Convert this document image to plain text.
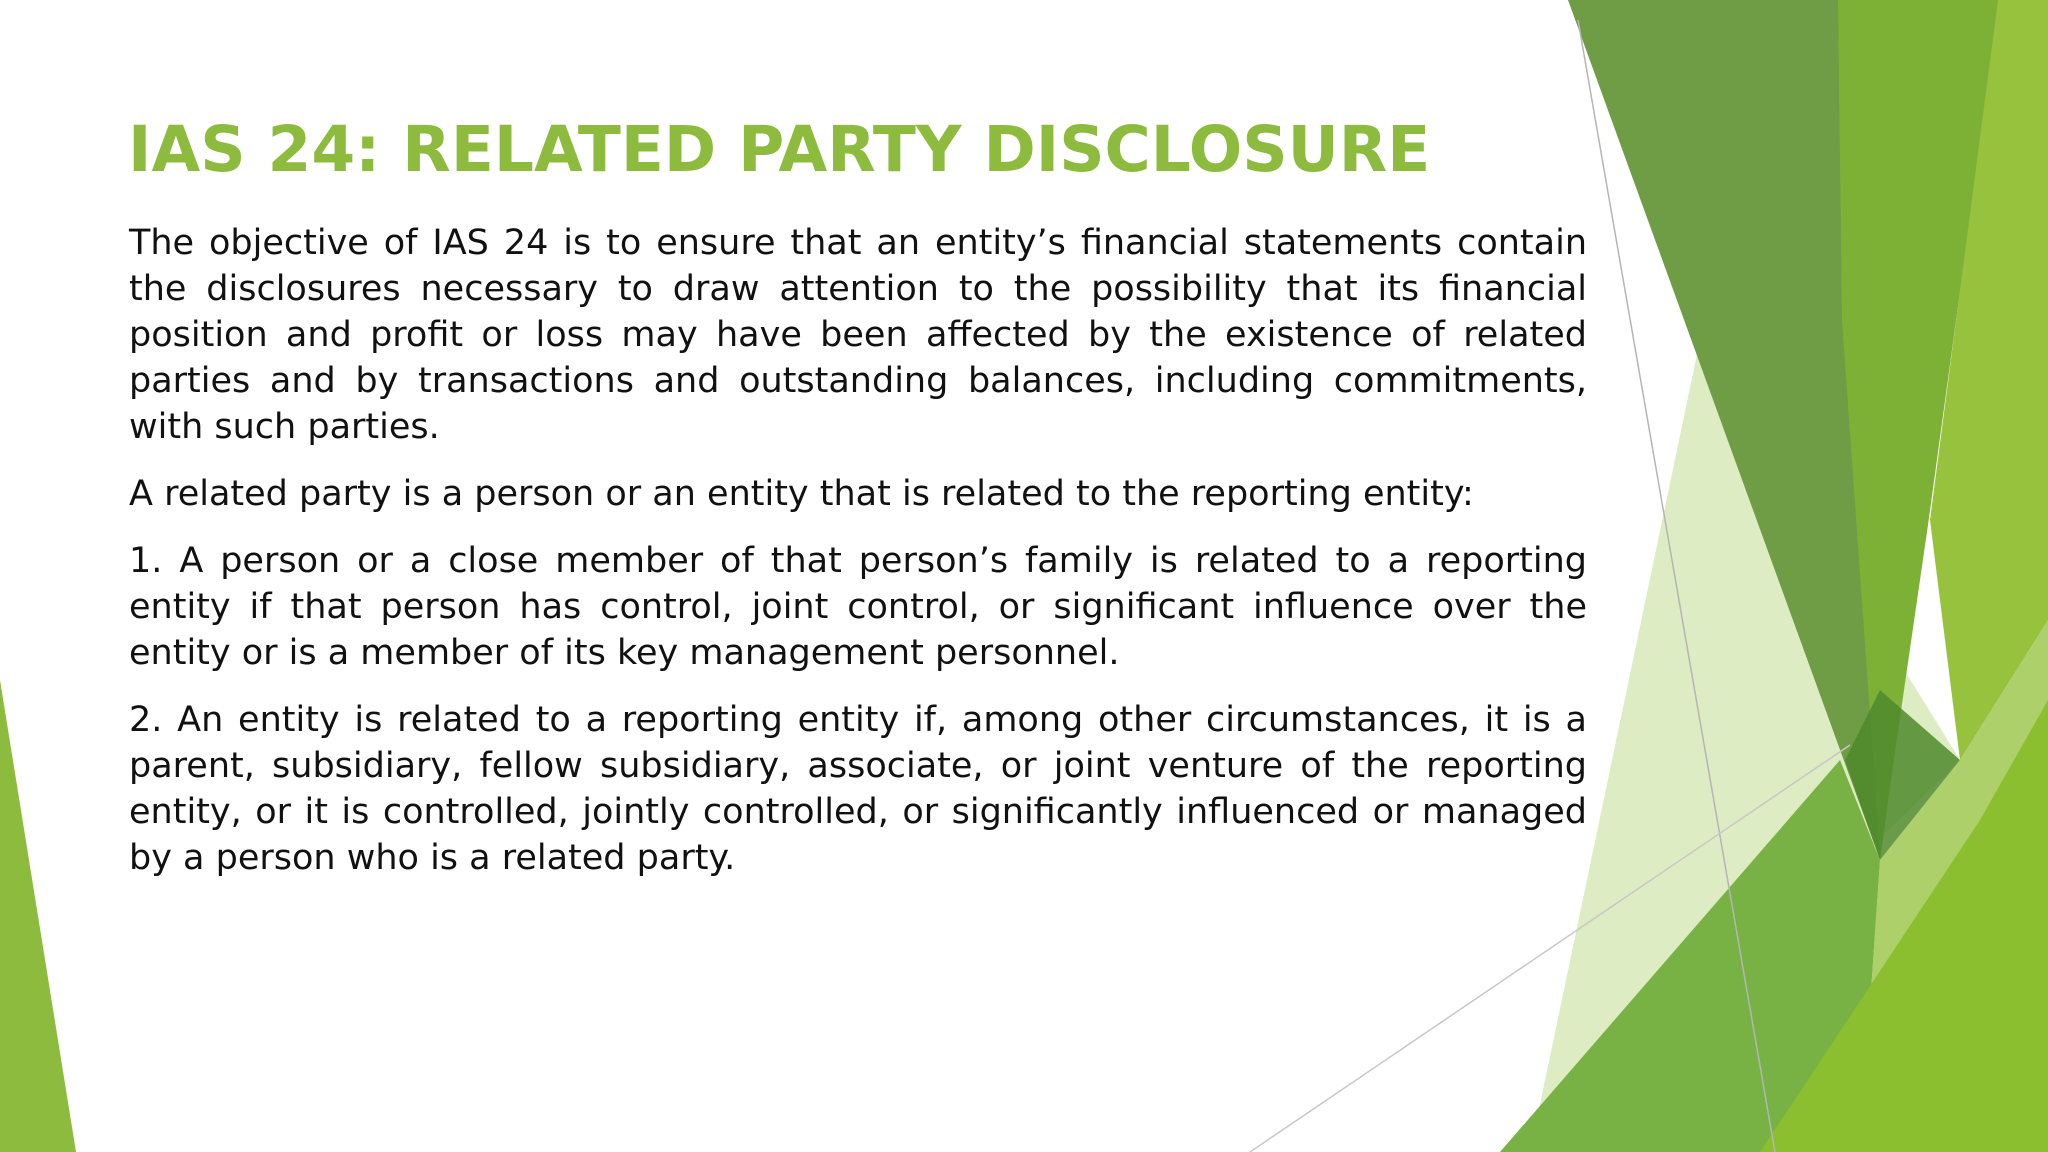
IAS 24: RELATED PARTY DISCLOSURE

The objective of IAS 24 is to ensure that an entity’s financial statements contain the disclosures necessary to draw attention to the possibility that its financial position and profit or loss may have been affected by the existence of related parties and by transactions and outstanding balances, including commitments, with such parties.

A related party is a person or an entity that is related to the reporting entity:

1. A person or a close member of that person’s family is related to a reporting entity if that person has control, joint control, or significant influence over the entity or is a member of its key management personnel.

2. An entity is related to a reporting entity if, among other circumstances, it is a parent, subsidiary, fellow subsidiary, associate, or joint venture of the reporting entity, or it is controlled, jointly controlled, or significantly influenced or managed by a person who is a related party.
